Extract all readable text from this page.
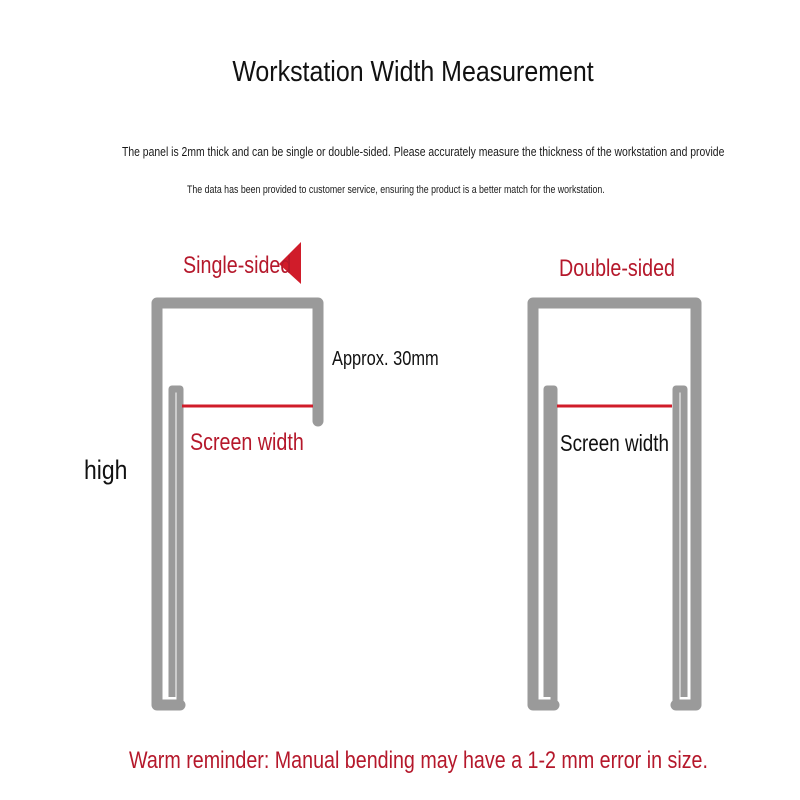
Workstation Width Measurement
The panel is 2mm thick and can be single or double-sided. Please accurately measure the thickness of the workstation and provide
The data has been provided to customer service, ensuring the product is a better match for the workstation.
Single-sided	Double-sided
Approx. 30mm
Screen width	Screen width
high
Warm reminder: Manual bending may have a 1-2 mm error in size.
